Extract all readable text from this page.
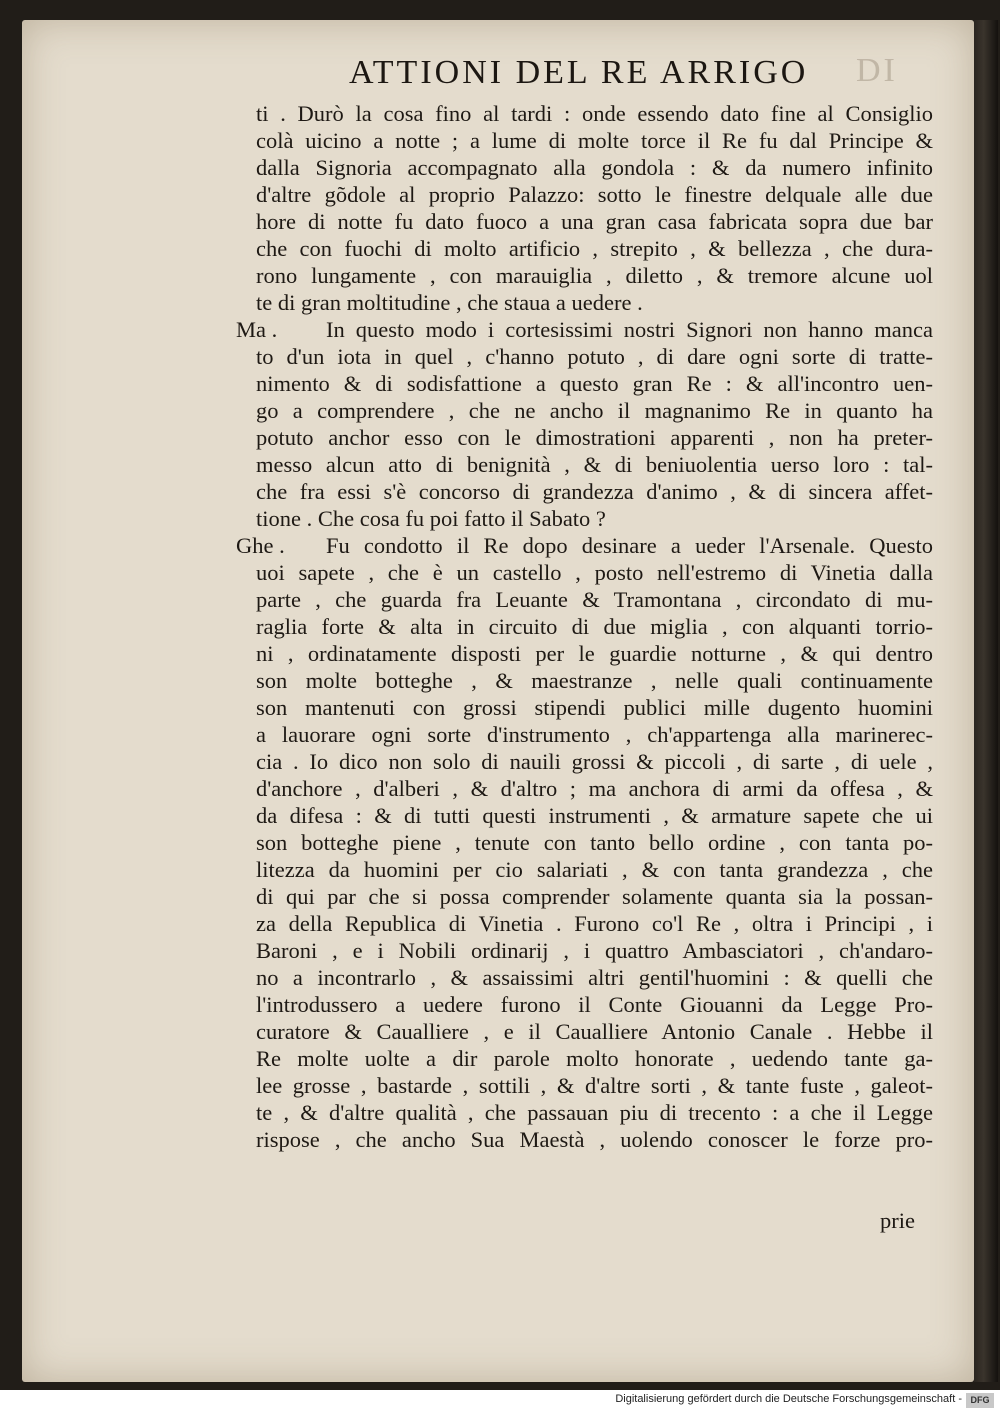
DI
ATTIONI DEL RE ARRIGO
ti . Durò la cosa fino al tardi : onde essendo dato fine al Consiglio
colà uicino a notte ; a lume di molte torce il Re fu dal Principe &
dalla Signoria accompagnato alla gondola : & da numero infinito
d'altre gõdole al proprio Palazzo: sotto le finestre delquale alle due
hore di notte fu dato fuoco a una gran casa fabricata sopra due bar
che con fuochi di molto artificio , strepito , & bellezza , che dura-
rono lungamente , con marauiglia , diletto , & tremore alcune uol
te di gran moltitudine , che staua a uedere .
Ma .	In questo modo i cortesissimi nostri Signori non hanno manca
to d'un iota in quel , c'hanno potuto , di dare ogni sorte di tratte-
nimento & di sodisfattione a questo gran Re : & all'incontro uen-
go a comprendere , che ne ancho il magnanimo Re in quanto ha
potuto anchor esso con le dimostrationi apparenti , non ha preter-
messo alcun atto di benignità , & di beniuolentia uerso loro : tal-
che fra essi s'è concorso di grandezza d'animo , & di sincera affet-
tione . Che cosa fu poi fatto il Sabato ?
Ghe .	Fu condotto il Re dopo desinare a ueder l'Arsenale. Questo
uoi sapete , che è un castello , posto nell'estremo di Vinetia dalla
parte , che guarda fra Leuante & Tramontana , circondato di mu-
raglia forte & alta in circuito di due miglia , con alquanti torrio-
ni , ordinatamente disposti per le guardie notturne , & qui dentro
son molte botteghe , & maestranze , nelle quali continuamente
son mantenuti con grossi stipendi publici mille dugento huomini
a lauorare ogni sorte d'instrumento , ch'appartenga alla marinerec-
cia . Io dico non solo di nauili grossi & piccoli , di sarte , di uele ,
d'anchore , d'alberi , & d'altro ; ma anchora di armi da offesa , &
da difesa : & di tutti questi instrumenti , & armature sapete che ui
son botteghe piene , tenute con tanto bello ordine , con tanta po-
litezza da huomini per cio salariati , & con tanta grandezza , che
di qui par che si possa comprender solamente quanta sia la possan-
za della Republica di Vinetia . Furono co'l Re , oltra i Principi , i
Baroni , e i Nobili ordinarij , i quattro Ambasciatori , ch'andaro-
no a incontrarlo , & assaissimi altri gentil'huomini : & quelli che
l'introdussero a uedere furono il Conte Giouanni da Legge Pro-
curatore & Caualliere , e il Caualliere Antonio Canale . Hebbe il
Re molte uolte a dir parole molto honorate , uedendo tante ga-
lee grosse , bastarde , sottili , & d'altre sorti , & tante fuste , galeot-
te , & d'altre qualità , che passauan piu di trecento : a che il Legge
rispose , che ancho Sua Maestà , uolendo conoscer le forze pro-
prie
Digitalisierung gefördert durch die Deutsche Forschungsgemeinschaft - DFG
